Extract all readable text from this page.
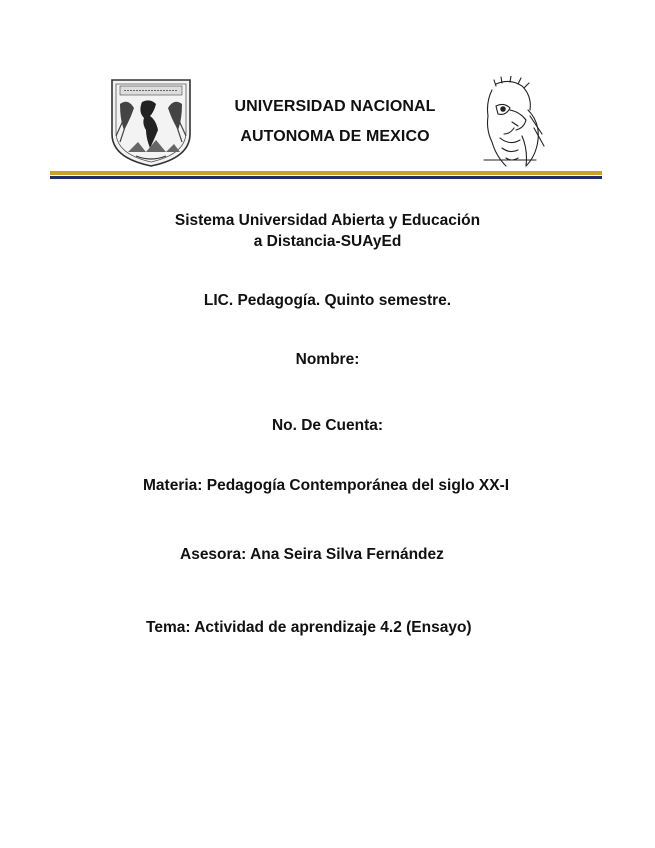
UNIVERSIDAD NACIONAL
AUTONOMA DE MEXICO
Sistema Universidad Abierta y Educación
a Distancia-SUAyEd
LIC. Pedagogía. Quinto semestre.
Nombre:
No. De Cuenta:
Materia: Pedagogía Contemporánea del siglo XX-I
Asesora: Ana Seira Silva Fernández
Tema: Actividad de aprendizaje 4.2 (Ensayo)
